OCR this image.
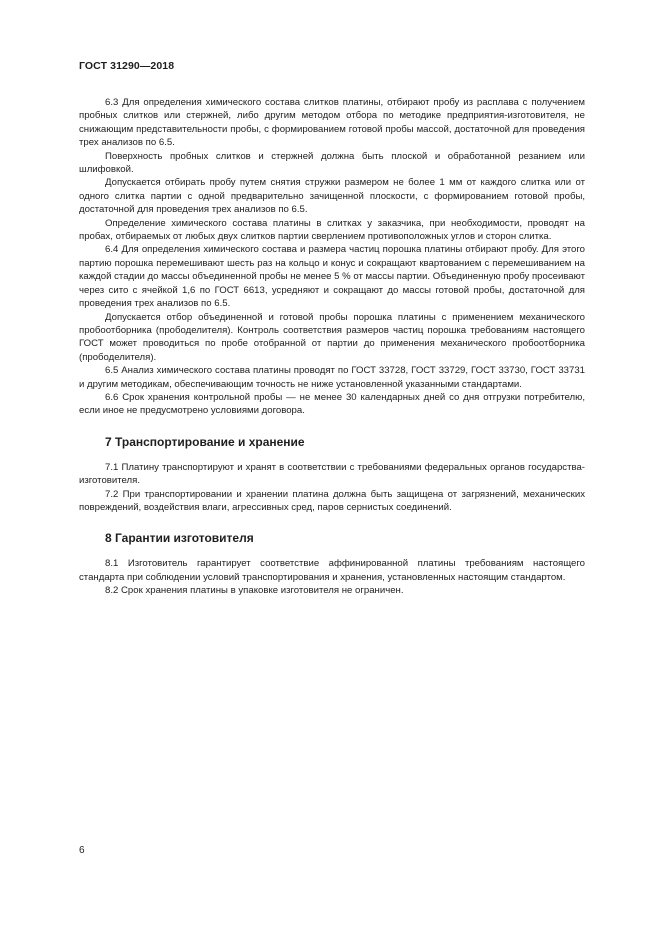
ГОСТ 31290—2018

6.3 Для определения химического состава слитков платины, отбирают пробу из расплава с получением пробных слитков или стержней, либо другим методом отбора по методике предприятия-изготовителя, не снижающим представительности пробы, с формированием готовой пробы массой, достаточной для проведения трех анализов по 6.5.

Поверхность пробных слитков и стержней должна быть плоской и обработанной резанием или шлифовкой.

Допускается отбирать пробу путем снятия стружки размером не более 1 мм от каждого слитка или от одного слитка партии с одной предварительно зачищенной плоскости, с формированием готовой пробы, достаточной для проведения трех анализов по 6.5.

Определение химического состава платины в слитках у заказчика, при необходимости, проводят на пробах, отбираемых от любых двух слитков партии сверлением противоположных углов и сторон слитка.

6.4 Для определения химического состава и размера частиц порошка платины отбирают пробу. Для этого партию порошка перемешивают шесть раз на кольцо и конус и сокращают квартованием с перемешиванием на каждой стадии до массы объединенной пробы не менее 5 % от массы партии. Объединенную пробу просеивают через сито с ячейкой 1,6 по ГОСТ 6613, усредняют и сокращают до массы готовой пробы, достаточной для проведения трех анализов по 6.5.

Допускается отбор объединенной и готовой пробы порошка платины с применением механического пробоотборника (прободелителя). Контроль соответствия размеров частиц порошка требованиям настоящего ГОСТ может проводиться по пробе отобранной от партии до применения механического пробоотборника (прободелителя).

6.5 Анализ химического состава платины проводят по ГОСТ 33728, ГОСТ 33729, ГОСТ 33730, ГОСТ 33731 и другим методикам, обеспечивающим точность не ниже установленной указанными стандартами.

6.6 Срок хранения контрольной пробы — не менее 30 календарных дней со дня отгрузки потребителю, если иное не предусмотрено условиями договора.

7 Транспортирование и хранение

7.1 Платину транспортируют и хранят в соответствии с требованиями федеральных органов государства-изготовителя.

7.2 При транспортировании и хранении платина должна быть защищена от загрязнений, механических повреждений, воздействия влаги, агрессивных сред, паров сернистых соединений.

8 Гарантии изготовителя

8.1 Изготовитель гарантирует соответствие аффинированной платины требованиям настоящего стандарта при соблюдении условий транспортирования и хранения, установленных настоящим стандартом.

8.2 Срок хранения платины в упаковке изготовителя не ограничен.

6
